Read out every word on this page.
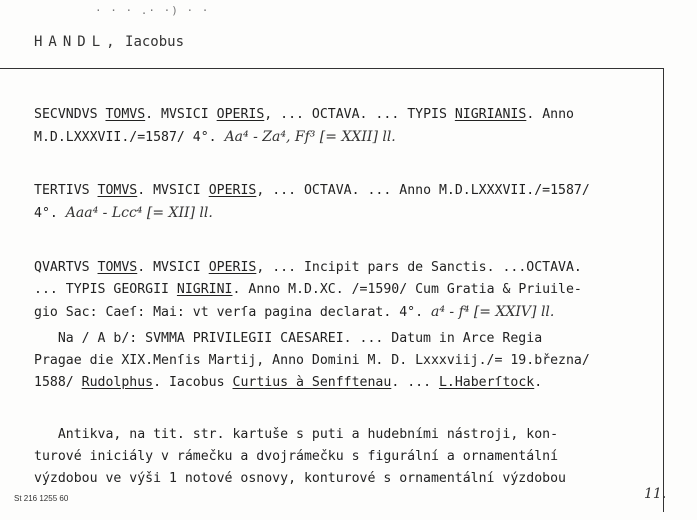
· · · .· ·) · ·
HANDL, Iacobus
SECVNDVS TOMVS. MVSICI OPERIS, ... OCTAVA. ... TYPIS NIGRIANIS. Anno
M.D.LXXXVII./=1587/ 4°. Aa⁴ - Za⁴, Ff³ [= XXII] ll.
TERTIVS TOMVS. MVSICI OPERIS, ... OCTAVA. ... Anno M.D.LXXXVII./=1587/
4°. Aaa⁴ - Lcc⁴ [= XII] ll.
QVARTVS TOMVS. MVSICI OPERIS, ... Incipit pars de Sanctis. ...OCTAVA.
... TYPIS GEORGII NIGRINI. Anno M.D.XC. /=1590/ Cum Gratia & Priuile-
gio Sac: Caeſ: Mai: vt verſa pagina declarat. 4°. a⁴ - f⁴ [= XXIV] ll.
Na / A b/: SVMMA PRIVILEGII CAESAREI. ... Datum in Arce Regia
Pragae die XIX.Menſis Martij, Anno Domini M. D. Lxxxviij./= 19.března/
1588/ Rudolphus. Iacobus Curtius à Senfftenau. ... L.Haberſtock.
Antikva, na tit. str. kartuše s puti a hudebními nástroji, kon-
turové iniciály v rámečku a dvojrámečku s figurální a ornamentální
výzdobou ve výši 1 notové osnovy, konturové s ornamentální výzdobou
St 216 1255 60	11.
